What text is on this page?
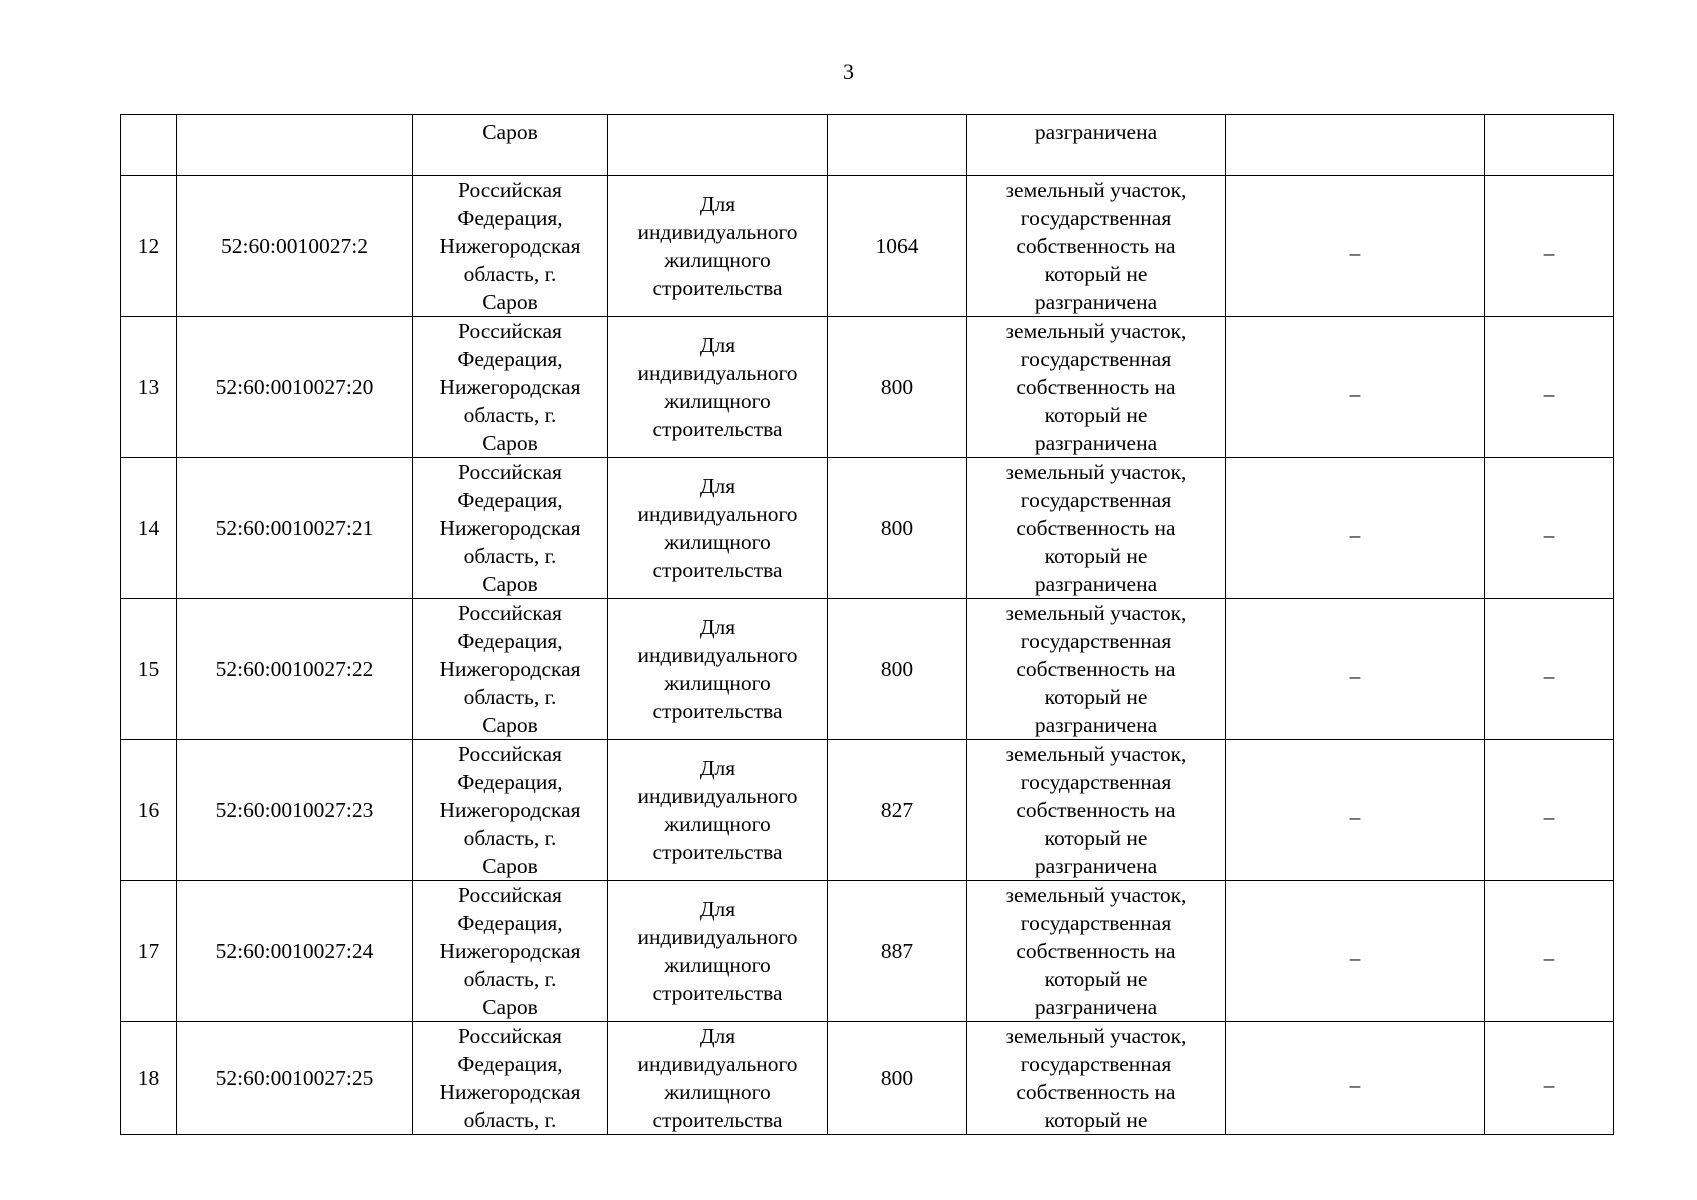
3
		Саров			разграничена		
12	52:60:0010027:2	Российская
Федерация,
Нижегородская
область, г.
Саров	Для
индивидуального
жилищного
строительства	1064	земельный участок,
государственная
собственность на
который не
разграничена	_	_
13	52:60:0010027:20	Российская
Федерация,
Нижегородская
область, г.
Саров	Для
индивидуального
жилищного
строительства	800	земельный участок,
государственная
собственность на
который не
разграничена	_	_
14	52:60:0010027:21	Российская
Федерация,
Нижегородская
область, г.
Саров	Для
индивидуального
жилищного
строительства	800	земельный участок,
государственная
собственность на
который не
разграничена	_	_
15	52:60:0010027:22	Российская
Федерация,
Нижегородская
область, г.
Саров	Для
индивидуального
жилищного
строительства	800	земельный участок,
государственная
собственность на
который не
разграничена	_	_
16	52:60:0010027:23	Российская
Федерация,
Нижегородская
область, г.
Саров	Для
индивидуального
жилищного
строительства	827	земельный участок,
государственная
собственность на
который не
разграничена	_	_
17	52:60:0010027:24	Российская
Федерация,
Нижегородская
область, г.
Саров	Для
индивидуального
жилищного
строительства	887	земельный участок,
государственная
собственность на
который не
разграничена	_	_
18	52:60:0010027:25	Российская
Федерация,
Нижегородская
область, г.	Для
индивидуального
жилищного
строительства	800	земельный участок,
государственная
собственность на
который не	_	_
